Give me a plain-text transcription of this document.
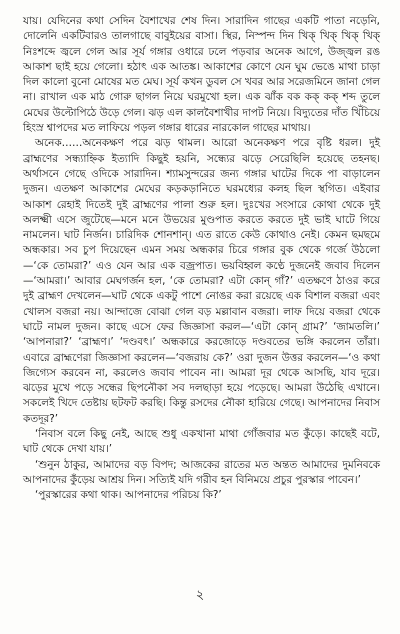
যায়। যেদিনের কথা সেদিন বৈশাখের শেষ দিন। সারাদিন গাছের একটি পাতা নড়েনি, দোলেনি একটিবারও তালগাছে বাবুইয়ের বাসা। স্থির, নিস্পন্দ দিন খিক্ খিক্ খিক্ খিক্ নিঃশব্দে জ্বলে গেল আর সূর্য গঙ্গার ওধারে ঢলে পড়বার অনেক আগে, উজ্জ্বল রঙ আকাশ ছাই হয়ে গেলো। হঠাৎ এক আতঙ্ক। আকাশের কোণে যেন ঘুম ভেঙে মাথা চাড়া দিল কালো বুনো মোষের মত মেঘ। সূর্য কখন ডুবল সে খবর আর সরেজমিনে জানা গেল না। রাখাল এক মাঠ গোরু ছাগল নিয়ে ঘরমুখো হল। এক ঝাঁক বক কক্ কক্ শব্দ তুলে মেঘের উল্টোপিঠে উড়ে গেল। ঝড় এল কালবৈশাখীর দাপট নিয়ে। বিদ্যুতের দাঁত খিঁচিয়ে হিংস্র শ্বাপদের মত লাফিয়ে পড়ল গঙ্গার ধারের নারকোল গাছের মাথায়।
অনেক……অনেকক্ষণ পরে ঝড় থামল। আরো অনেকক্ষণ পরে বৃষ্টি ধরল। দুই ব্রাহ্মণের সন্ধ্যাহ্নিক ইত্যাদি কিছুই হয়নি, সন্ধ্যের ঝড়ে সেরেছিলি হয়েছে তহনছ। অর্থাসনে গেছে ওদিকে সারাদিন। শ্যামসুন্দরের জন্য গঙ্গার ঘাটের দিকে পা বাড়ালেন দুজন। এতক্ষণ আকাশের মেঘের কড়কড়ানিতে ঘরমধ্যের কলহ ছিল স্থগিত। এইবার আকাশ রেহাই দিতেই দুই ব্রাহ্মণের পালা শুরু হল। দুঃখের সংসারে কোথা থেকে দুই অলক্ষ্মী এসে জুটেছে—মনে মনে উভয়ের মুণ্ডপাত করতে করতে দুই ভাই ঘাটে গিয়ে নামলেন। ঘাট নির্জন। চারিদিক শোনশান্। এত রাতে কেউ কোথাও নেই। কেমন ছমছমে অন্ধকার। সব চুপ দিয়েছেন এমন সময় অন্ধকার চিরে গঙ্গার বুক থেকে গর্জে উঠলো—‘কে তোমরা?’ এও যেন আর এক বজ্রপাত। ভয়বিহ্বল কণ্ঠে দুজনেই জবাব দিলেন—‘আমরা।’ আবার মেঘগর্জন হল, ‘কে তোমরা? এটা কোন্ গাঁ?’ এতক্ষণে ঠাওর করে দুই ব্রাহ্মণ দেখলেন—ঘাট থেকে একটু পাশে নোঙর করা রয়েছে এক বিশাল বজরা এবং খোলস বজরা নয়। আন্দাজে বোঝা গেল বড় মল্লাবান বজরা। লাফ দিয়ে বজরা থেকে ঘাটে নামল দুজন। কাছে এসে ফের জিজ্ঞাসা করল—‘এটা কোন্ গ্রাম?’ ‘জামতলি।’ ‘আপনারা?’ ‘ব্রাহ্মণ।’ ‘দণ্ডবৎ।’ অন্ধকারে করজোড়ে দণ্ডবতের ভঙ্গি করলেন তাঁরা। এবারে ব্রাহ্মণেরা জিজ্ঞাসা করলেন—‘বজরায় কে?’ ওরা দুজন উত্তর করলেন—‘ও কথা জিগ্যেস করবেন না, করলেও জবাব পাবেন না। আমরা দূর থেকে আসছি, যাব দূরে। ঝড়ের মুখে পড়ে সন্ধের ছিপনৌকা সব দলছাড়া হয়ে পড়েছে। আমরা উঠেছি এখানে। সকলেই খিদে তেষ্টায় ছটফট করছি। কিন্তু রসদের নৌকা হারিয়ে গেছে। আপনাদের নিবাস কতদূর?’
‘নিবাস বলে কিছু নেই, আছে শুধু একখানা মাথা গোঁজবার মত কুঁড়ে। কাছেই বটে, ঘাট থেকে দেখা যায়।’
‘শুনুন ঠাকুর, আমাদের বড় বিপদ; আজকের রাতের মত অন্তত আমাদের দুমনিবকে আপনাদের কুঁড়েয় আশ্রয় দিন। সত্যিই যদি গরীব হন বিনিময়ে প্রচুর পুরস্কার পাবেন।’
‘পুরস্কারের কথা থাক। আপনাদের পরিচয় কি?’
২
